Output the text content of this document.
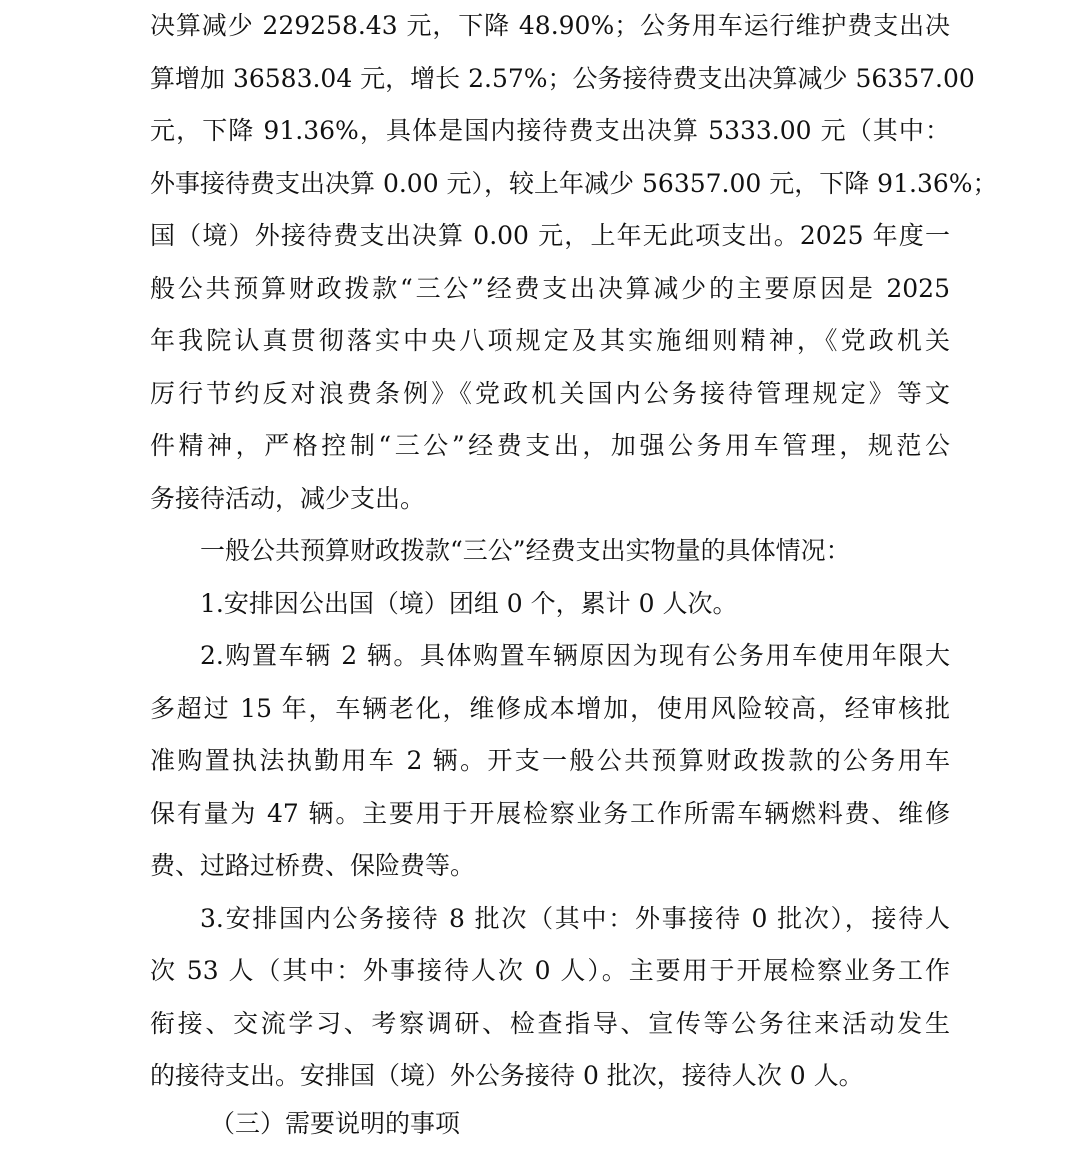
决算减少 229258.43 元，下降 48.90%；公务用车运行维护费支出决
算增加 36583.04 元，增长 2.57%；公务接待费支出决算减少 56357.00
元，下降 91.36%，具体是国内接待费支出决算 5333.00 元（其中：
外事接待费支出决算 0.00 元），较上年减少 56357.00 元，下降 91.36%；
国（境）外接待费支出决算 0.00 元，上年无此项支出。2025 年度一
般公共预算财政拨款“三公”经费支出决算减少的主要原因是 2025
年我院认真贯彻落实中央八项规定及其实施细则精神，《党政机关
厉行节约反对浪费条例》《党政机关国内公务接待管理规定》等文
件精神，严格控制“三公”经费支出，加强公务用车管理，规范公
务接待活动，减少支出。
一般公共预算财政拨款“三公”经费支出实物量的具体情况：
1.安排因公出国（境）团组 0 个，累计 0 人次。
2.购置车辆 2 辆。具体购置车辆原因为现有公务用车使用年限大
多超过 15 年，车辆老化，维修成本增加，使用风险较高，经审核批
准购置执法执勤用车 2 辆。开支一般公共预算财政拨款的公务用车
保有量为 47 辆。主要用于开展检察业务工作所需车辆燃料费、维修
费、过路过桥费、保险费等。
3.安排国内公务接待 8 批次（其中：外事接待 0 批次），接待人
次 53 人（其中：外事接待人次 0 人）。主要用于开展检察业务工作
衔接、交流学习、考察调研、检查指导、宣传等公务往来活动发生
的接待支出。安排国（境）外公务接待 0 批次，接待人次 0 人。
（三）需要说明的事项
